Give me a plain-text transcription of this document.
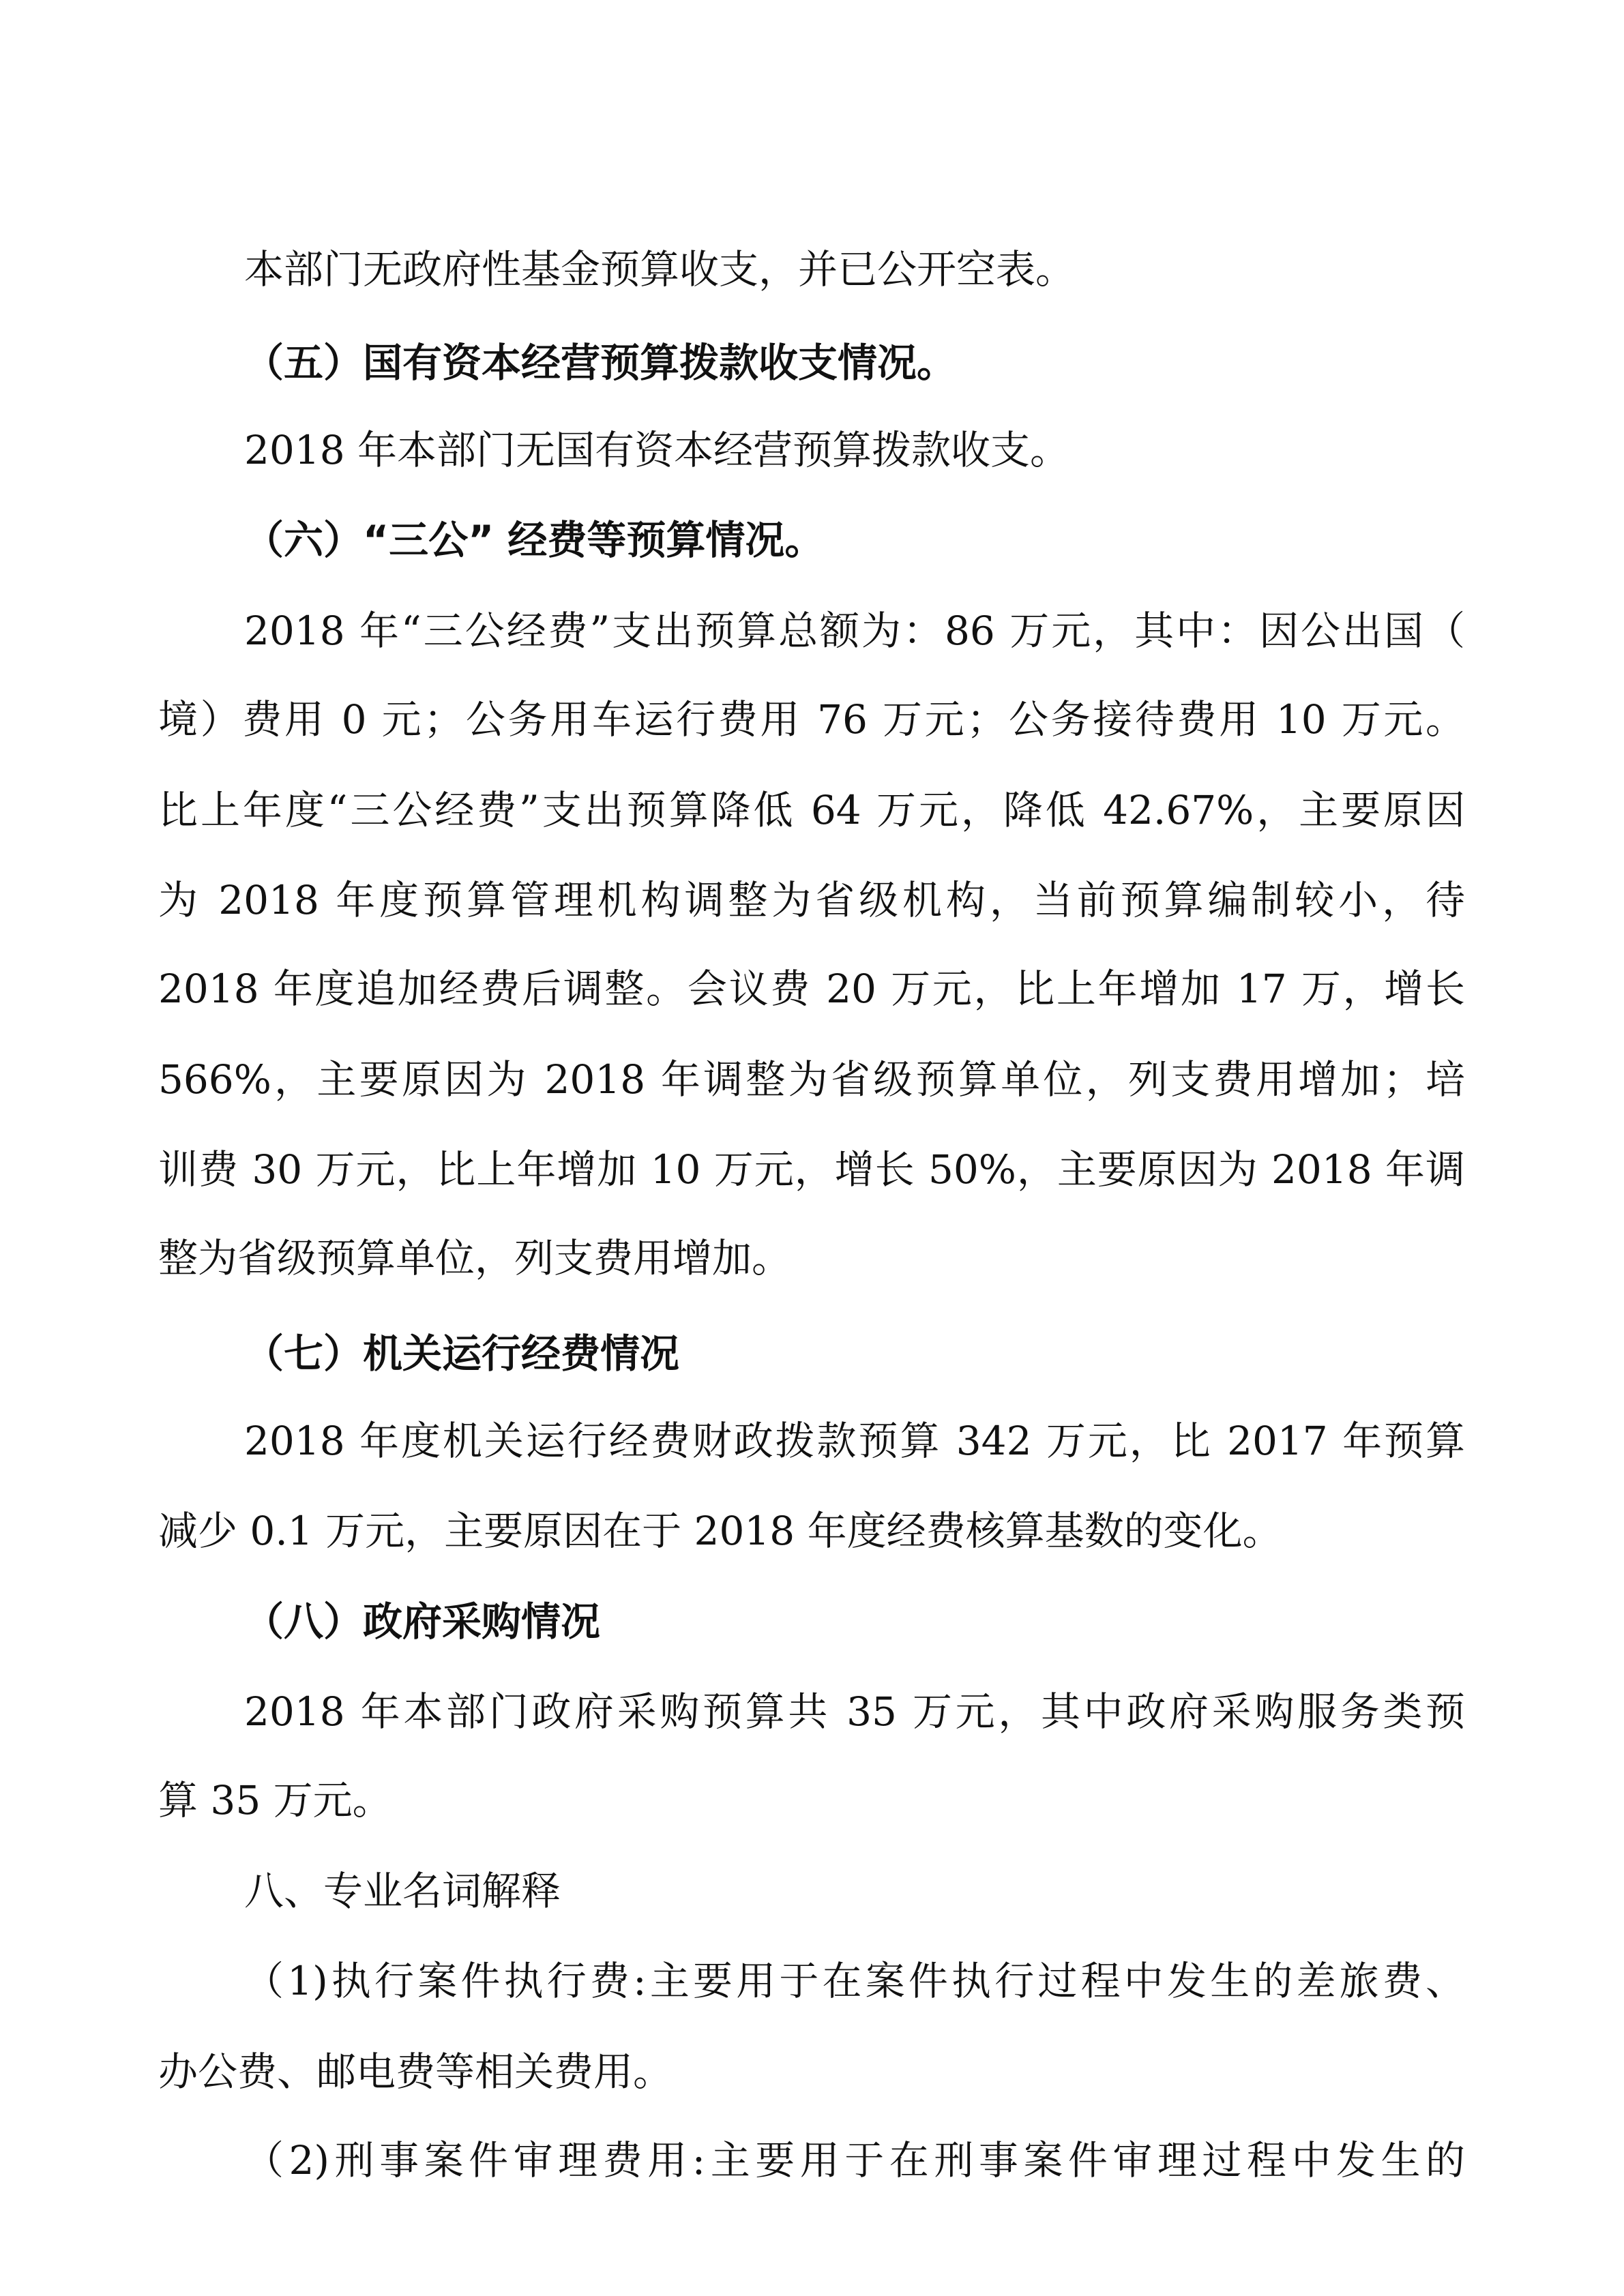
本部门无政府性基金预算收支，并已公开空表。

（五）国有资本经营预算拨款收支情况。

2018 年本部门无国有资本经营预算拨款收支。

（六）“三公” 经费等预算情况。

2018 年“三公经费”支出预算总额为：86 万元，其中：因公出国（

境）费用 0 元；公务用车运行费用 76 万元；公务接待费用 10 万元。

比上年度“三公经费”支出预算降低 64 万元，降低 42.67%，主要原因

为 2018 年度预算管理机构调整为省级机构，当前预算编制较小，待

2018 年度追加经费后调整。会议费 20 万元，比上年增加 17 万，增长

566%，主要原因为 2018 年调整为省级预算单位，列支费用增加；培

训费 30 万元，比上年增加 10 万元，增长 50%，主要原因为 2018 年调

整为省级预算单位，列支费用增加。

（七）机关运行经费情况

2018 年度机关运行经费财政拨款预算 342 万元，比 2017 年预算

减少 0.1 万元，主要原因在于 2018 年度经费核算基数的变化。

（八）政府采购情况

2018 年本部门政府采购预算共 35 万元，其中政府采购服务类预

算 35 万元。

八、专业名词解释

（1)执行案件执行费:主要用于在案件执行过程中发生的差旅费、

办公费、邮电费等相关费用。

（2)刑事案件审理费用:主要用于在刑事案件审理过程中发生的
